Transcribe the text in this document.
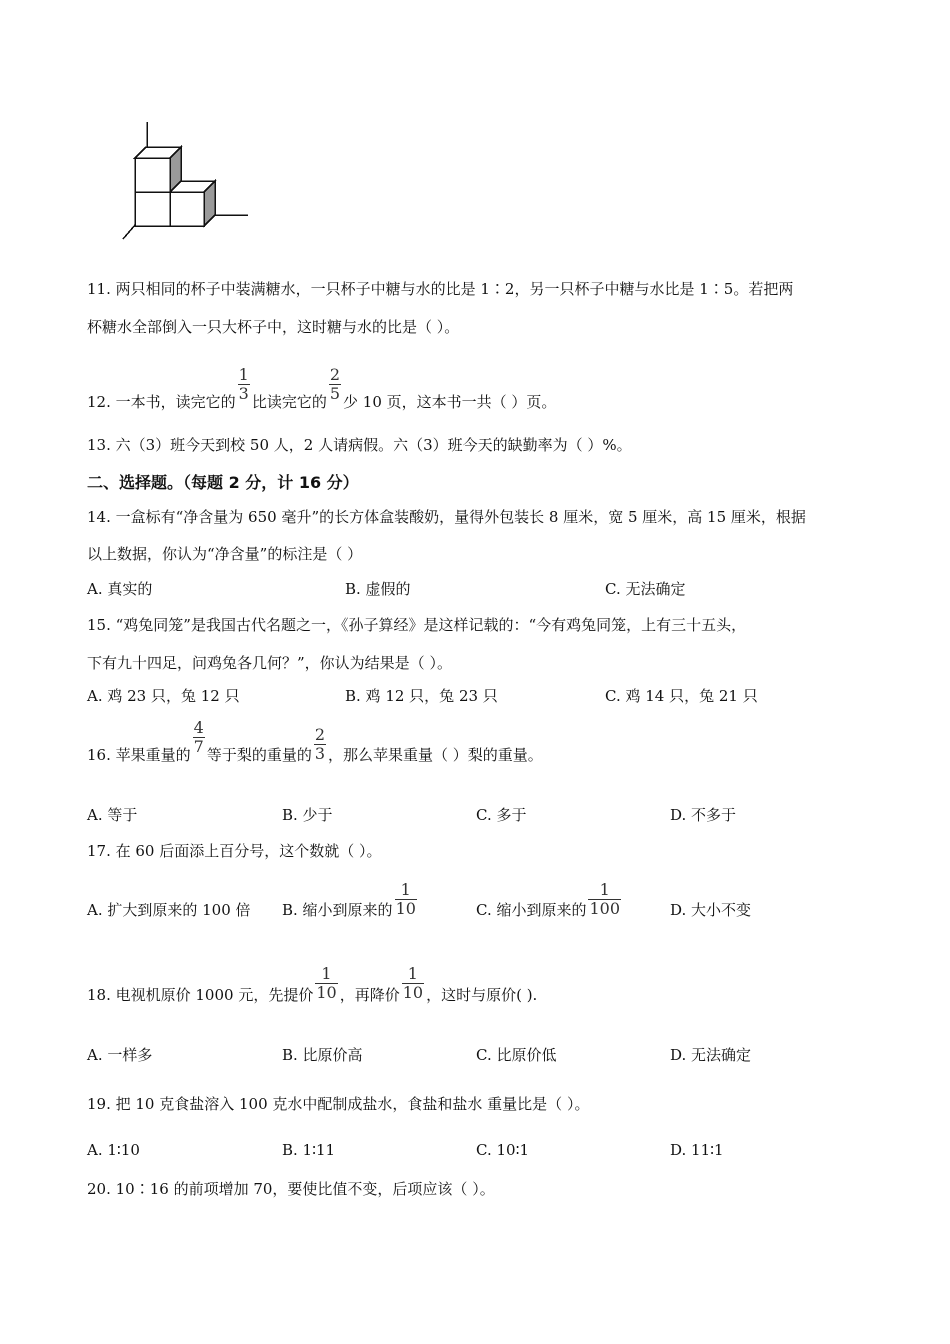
11. 两只相同的杯子中装满糖水，一只杯子中糖与水的比是 1∶2，另一只杯子中糖与水比是 1∶5。若把两
杯糖水全部倒入一只大杯子中，这时糖与水的比是（ ）。
12. 一本书，读完它的 $\frac{1}{3}$ 比读完它的 $\frac{2}{5}$ 少 10 页，这本书一共（ ）页。
13. 六（3）班今天到校 50 人，2 人请病假。六（3）班今天的缺勤率为（ ）%。
二、选择题。（每题 2 分，计 16 分）
14. 一盒标有“净含量为 650 毫升”的长方体盒装酸奶，量得外包装长 8 厘米，宽 5 厘米，高 15 厘米，根据
以上数据，你认为“净含量”的标注是（ ）
A. 真实的	B. 虚假的	C. 无法确定
15. “鸡兔同笼”是我国古代名题之一，《孙子算经》是这样记载的：“今有鸡兔同笼，上有三十五头，
下有九十四足，问鸡兔各几何？”，你认为结果是（ ）。
A. 鸡 23 只，兔 12 只	B. 鸡 12 只，兔 23 只	C. 鸡 14 只，兔 21 只
16. 苹果重量的 $\frac{4}{7}$ 等于梨的重量的 $\frac{2}{3}$ ，那么苹果重量（ ）梨的重量。
A. 等于	B. 少于	C. 多于	D. 不多于
17. 在 60 后面添上百分号，这个数就（ ）。
A. 扩大到原来的 100 倍 B. 缩小到原来的 $\frac{1}{10}$	C. 缩小到原来的 $\frac{1}{100}$	D. 大小不变
18. 电视机原价 1000 元，先提价 $\frac{1}{10}$ ，再降价 $\frac{1}{10}$ ，这时与原价( ).
A. 一样多	B. 比原价高	C. 比原价低	D. 无法确定
19. 把 10 克食盐溶入 100 克水中配制成盐水，食盐和盐水 重量比是（ ）。
A. 1∶10	B. 1∶11	C. 10∶1	D. 11∶1
20. 10∶16 的前项增加 70，要使比值不变，后项应该（ ）。
